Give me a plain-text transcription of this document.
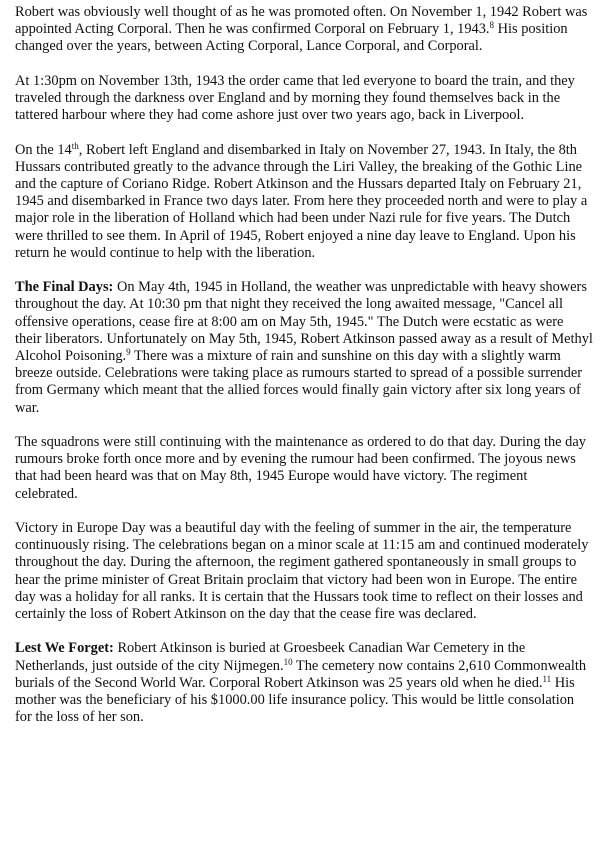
Robert was obviously well thought of as he was promoted often. On November 1, 1942 Robert was appointed Acting Corporal. Then he was confirmed Corporal on February 1, 1943.$^8$ His position changed over the years, between Acting Corporal, Lance Corporal, and Corporal.

At 1:30pm on November 13th, 1943 the order came that led everyone to board the train, and they traveled through the darkness over England and by morning they found themselves back in the tattered harbour where they had come ashore just over two years ago, back in Liverpool.

On the 14th, Robert left England and disembarked in Italy on November 27, 1943. In Italy, the 8th Hussars contributed greatly to the advance through the Liri Valley, the breaking of the Gothic Line and the capture of Coriano Ridge. Robert Atkinson and the Hussars departed Italy on February 21, 1945 and disembarked in France two days later. From here they proceeded north and were to play a major role in the liberation of Holland which had been under Nazi rule for five years. The Dutch were thrilled to see them. In April of 1945, Robert enjoyed a nine day leave to England. Upon his return he would continue to help with the liberation.

The Final Days: On May 4th, 1945 in Holland, the weather was unpredictable with heavy showers throughout the day. At 10:30 pm that night they received the long awaited message, "Cancel all offensive operations, cease fire at 8:00 am on May 5th, 1945." The Dutch were ecstatic as were their liberators. Unfortunately on May 5th, 1945, Robert Atkinson passed away as a result of Methyl Alcohol Poisoning.$^9$ There was a mixture of rain and sunshine on this day with a slightly warm breeze outside. Celebrations were taking place as rumours started to spread of a possible surrender from Germany which meant that the allied forces would finally gain victory after six long years of war.

The squadrons were still continuing with the maintenance as ordered to do that day. During the day rumours broke forth once more and by evening the rumour had been confirmed. The joyous news that had been heard was that on May 8th, 1945 Europe would have victory. The regiment celebrated.

Victory in Europe Day was a beautiful day with the feeling of summer in the air, the temperature continuously rising. The celebrations began on a minor scale at 11:15 am and continued moderately throughout the day. During the afternoon, the regiment gathered spontaneously in small groups to hear the prime minister of Great Britain proclaim that victory had been won in Europe. The entire day was a holiday for all ranks. It is certain that the Hussars took time to reflect on their losses and certainly the loss of Robert Atkinson on the day that the cease fire was declared.

Lest We Forget: Robert Atkinson is buried at Groesbeek Canadian War Cemetery in the Netherlands, just outside of the city Nijmegen.$^{10}$ The cemetery now contains 2,610 Commonwealth burials of the Second World War. Corporal Robert Atkinson was 25 years old when he died.$^{11}$ His mother was the beneficiary of his $1000.00 life insurance policy. This would be little consolation for the loss of her son.
